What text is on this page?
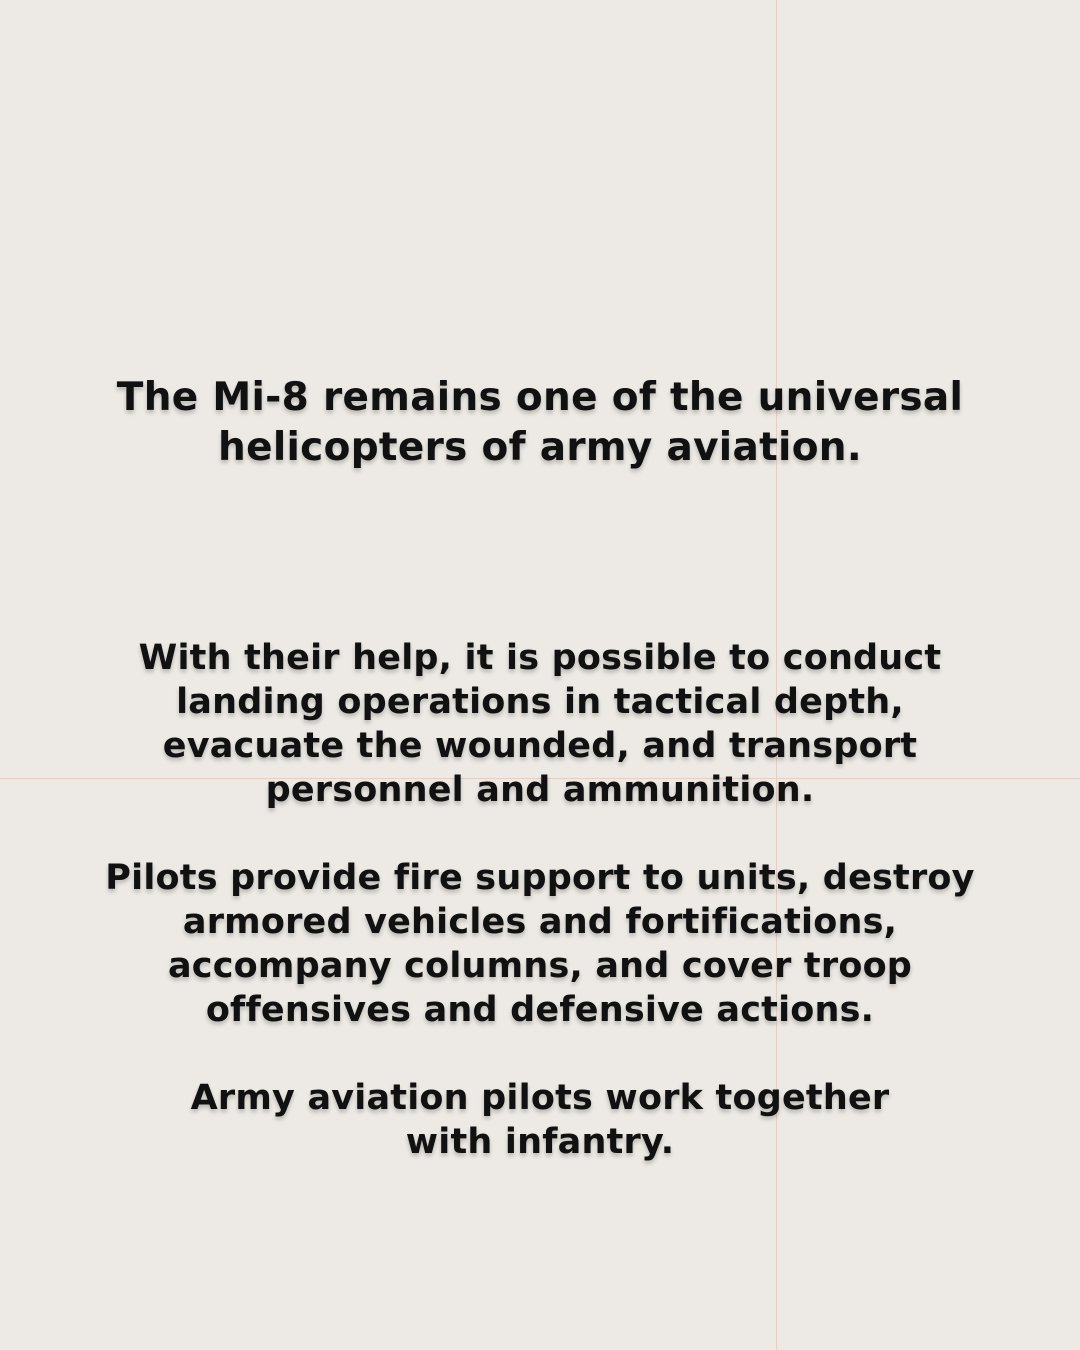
The Mi-8 remains one of the universal
helicopters of army aviation.
With their help, it is possible to conduct
landing operations in tactical depth,
evacuate the wounded, and transport
personnel and ammunition.
Pilots provide fire support to units, destroy
armored vehicles and fortifications,
accompany columns, and cover troop
offensives and defensive actions.
Army aviation pilots work together
with infantry.
